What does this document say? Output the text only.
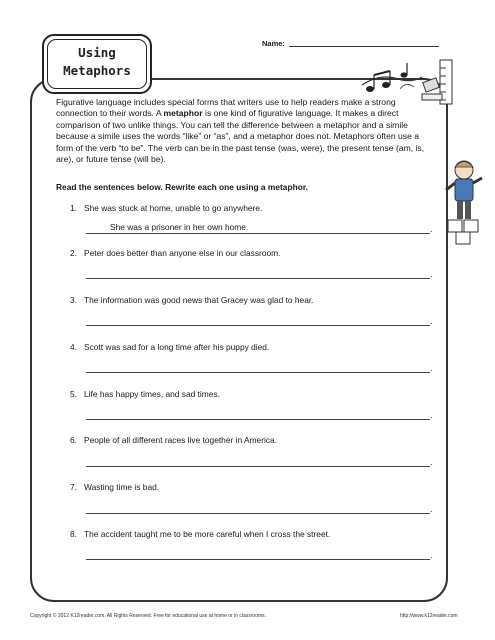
Using
Metaphors
Name:
Figurative language includes special forms that writers use to help readers make a strong connection to their words. A metaphor is one kind of figurative language. It makes a direct comparison of two unlike things. You can tell the difference between a metaphor and a simile because a simile uses the words “like” or “as”, and a metaphor does not. Metaphors often use a form of the verb “to be”. The verb can be in the past tense (was, were), the present tense (am, is, are), or future tense (will be).
Read the sentences below. Rewrite each one using a metaphor.
1. She was stuck at home, unable to go anywhere.
She was a prisoner in her own home.	.
2. Peter does better than anyone else in our classroom.
.
3. The information was good news that Gracey was glad to hear.
.
4. Scott was sad for a long time after his puppy died.
.
5. Life has happy times, and sad times.
.
6. People of all different races live together in America.
.
7. Wasting time is bad.
.
8. The accident taught me to be more careful when I cross the street.
.
Copyright © 2012 K12reader.com. All Rights Reserved. Free for educational use at home or in classrooms.	http://www.k12reader.com
